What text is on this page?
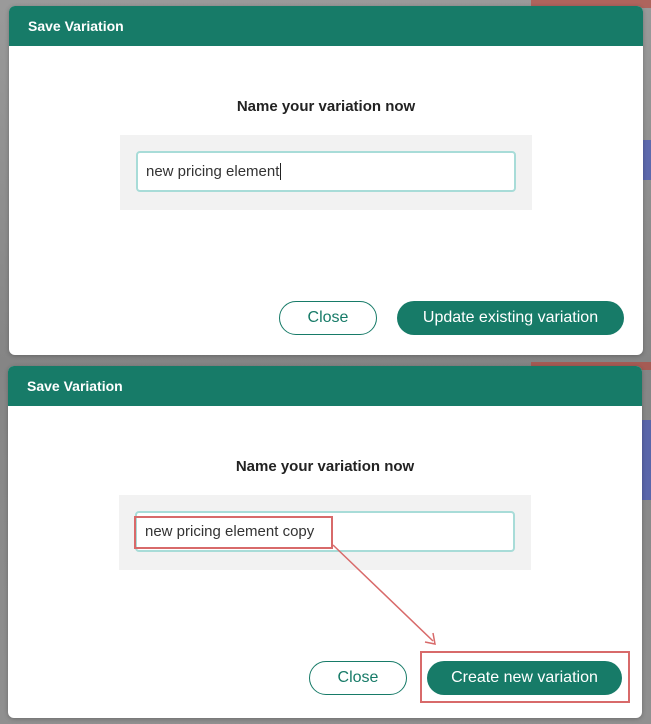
Save Variation
Name your variation now
new pricing element
Close	Update existing variation
Save Variation
Name your variation now
new pricing element copy
Close	Create new variation
